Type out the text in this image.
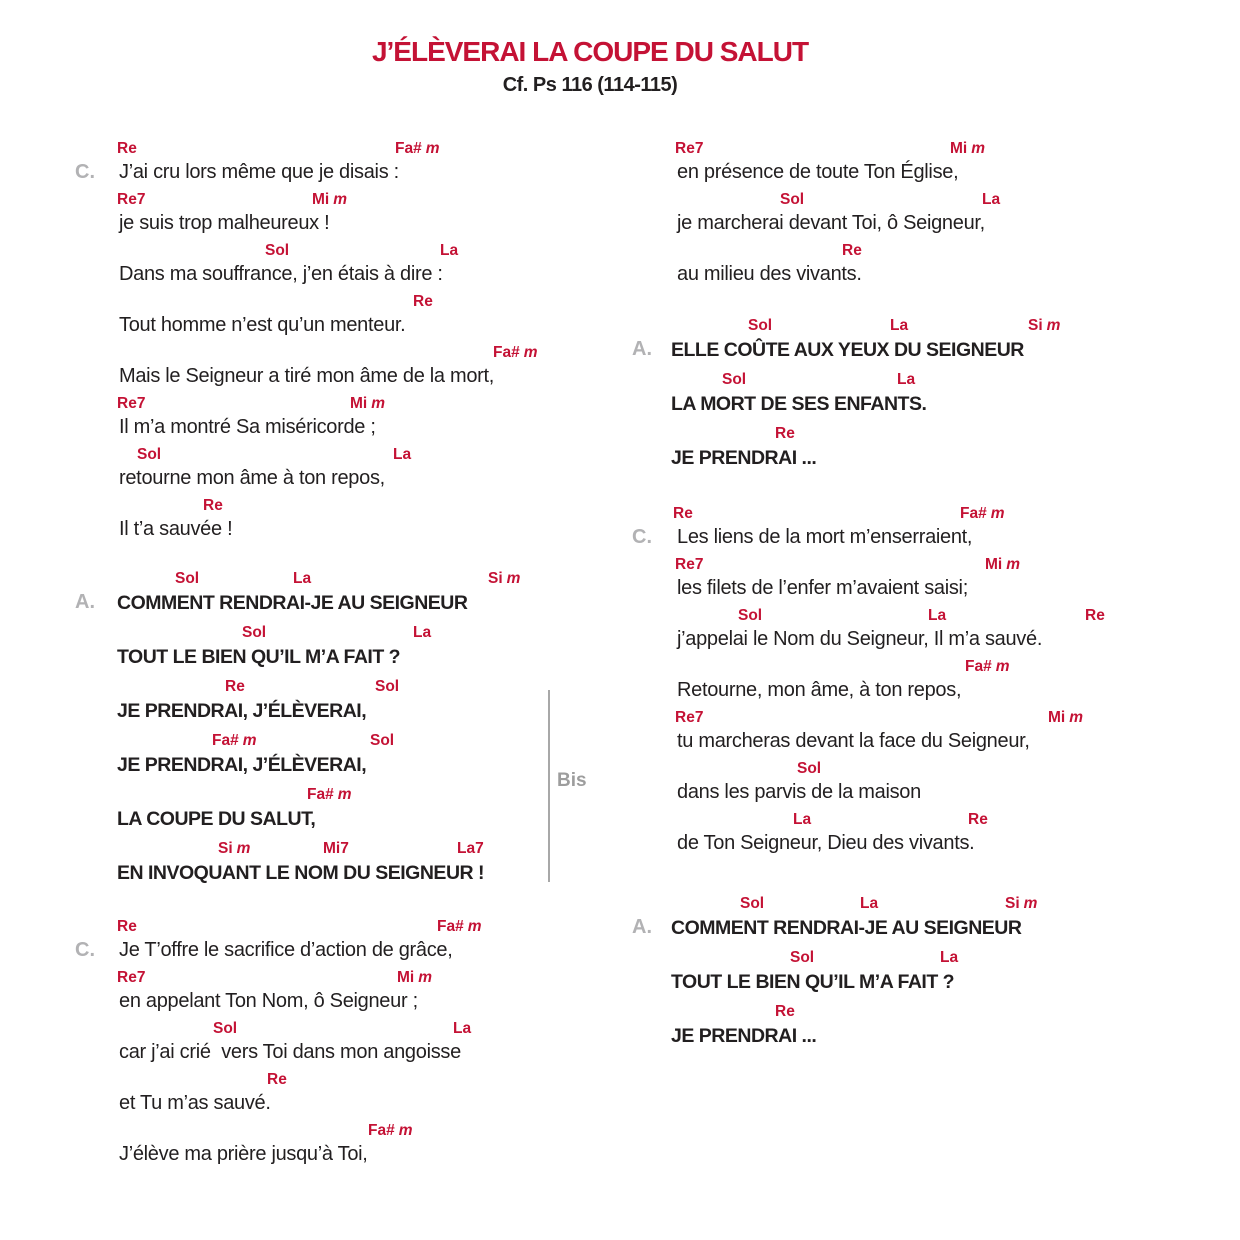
J’ÉLÈVERAI LA COUPE DU SALUT
Cf. Ps 116 (114-115)
C.
Re	Fa# m
J’ai cru lors même que je disais :
Re7	Mi m
je suis trop malheureux !
Sol	La
Dans ma souffrance, j’en étais à dire :
Re
Tout homme n’est qu’un menteur.
Fa# m
Mais le Seigneur a tiré mon âme de la mort,
Re7	Mi m
Il m’a montré Sa miséricorde ;
Sol	La
retourne mon âme à ton repos,
Re
Il t’a sauvée !
A.
Sol	La	Si m
COMMENT RENDRAI-JE AU SEIGNEUR
Sol	La
TOUT LE BIEN QU’IL M’A FAIT ?
Re	Sol
JE PRENDRAI, J’ÉLÈVERAI,
Fa# m	Sol
JE PRENDRAI, J’ÉLÈVERAI,
Fa# m
LA COUPE DU SALUT,
Si m	Mi7	La7
EN INVOQUANT LE NOM DU SEIGNEUR !
C.
Re	Fa# m
Je T’offre le sacrifice d’action de grâce,
Re7	Mi m
en appelant Ton Nom, ô Seigneur ;
Sol	La
car j’ai crié  vers Toi dans mon angoisse
Re
et Tu m’as sauvé.
Fa# m
J’élève ma prière jusqu’à Toi,
Re7	Mi m
en présence de toute Ton Église,
Sol	La
je marcherai devant Toi, ô Seigneur,
Re
au milieu des vivants.
A.
Sol	La	Si m
ELLE COÛTE AUX YEUX DU SEIGNEUR
Sol	La
LA MORT DE SES ENFANTS.
Re
JE PRENDRAI ...
C.
Re	Fa# m
Les liens de la mort m’enserraient,
Re7	Mi m
les filets de l’enfer m’avaient saisi;
Sol	La	Re
j’appelai le Nom du Seigneur, Il m’a sauvé.
Fa# m
Retourne, mon âme, à ton repos,
Re7	Mi m
tu marcheras devant la face du Seigneur,
Sol
dans les parvis de la maison
La	Re
de Ton Seigneur, Dieu des vivants.
A.
Sol	La	Si m
COMMENT RENDRAI-JE AU SEIGNEUR
Sol	La
TOUT LE BIEN QU’IL M’A FAIT ?
Re
JE PRENDRAI ...
Bis
